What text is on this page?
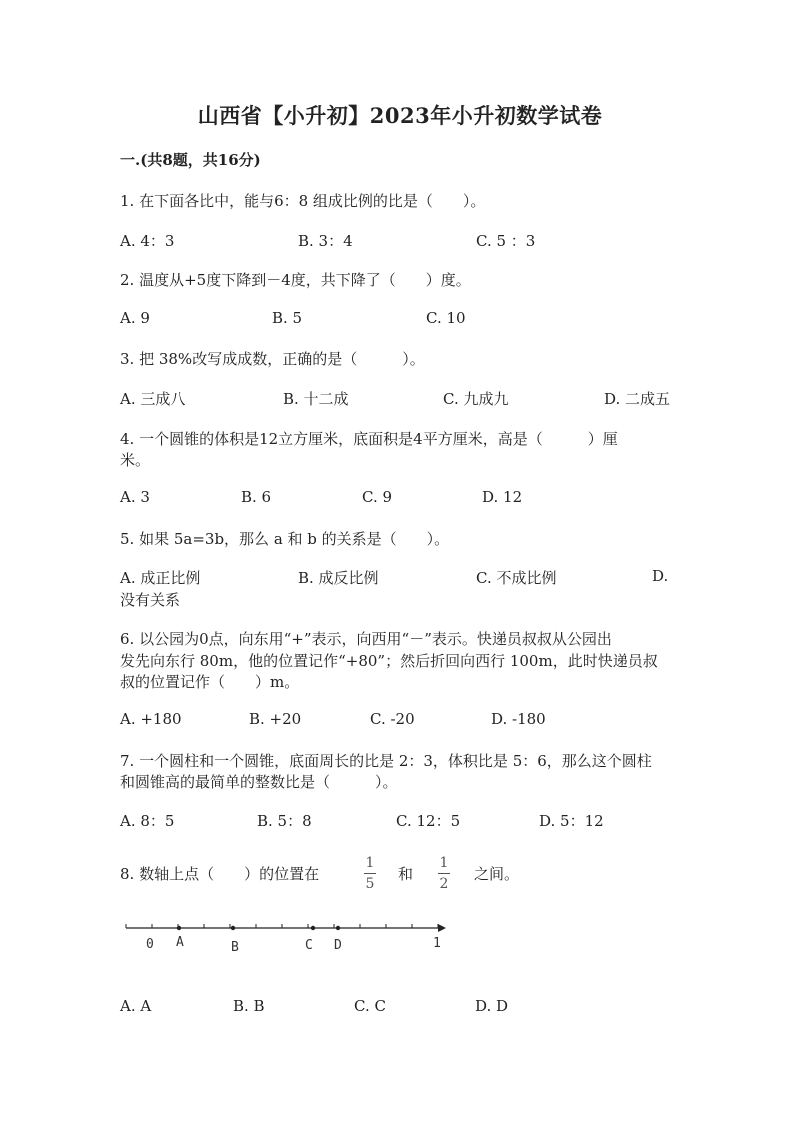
山西省【小升初】2023年小升初数学试卷
一.(共8题，共16分)
1. 在下面各比中，能与6：8 组成比例的比是（　　）。
A. 4：3	B. 3：4	C. 5 ：3
2. 温度从+5度下降到－4度，共下降了（　　）度。
A. 9	B. 5	C. 10
3. 把 38%改写成成数，正确的是（　　　）。
A. 三成八	B. 十二成	C. 九成九	D. 二成五
4. 一个圆锥的体积是12立方厘米，底面积是4平方厘米，高是（　　　）厘
米。
A. 3	B. 6	C. 9	D. 12
5. 如果 5a=3b，那么 a 和 b 的关系是（　　）。
A. 成正比例	B. 成反比例	C. 不成比例	D.
没有关系
6. 以公园为0点，向东用“+”表示，向西用“－”表示。快递员叔叔从公园出
发先向东行 80m，他的位置记作“+80”；然后折回向西行 100m，此时快递员叔
叔的位置记作（　　）m。
A. +180	B. +20	C. -20	D. -180
7. 一个圆柱和一个圆锥，底面周长的比是 2：3，体积比是 5：6，那么这个圆柱
和圆锥高的最简单的整数比是（　　　）。
A. 8：5	B. 5：8	C. 12：5	D. 5：12
8. 数轴上点（　　）的位置在
1
5
和
1
2
之间。
0 A	B	C D	1
A. A	B. B	C. C	D. D
